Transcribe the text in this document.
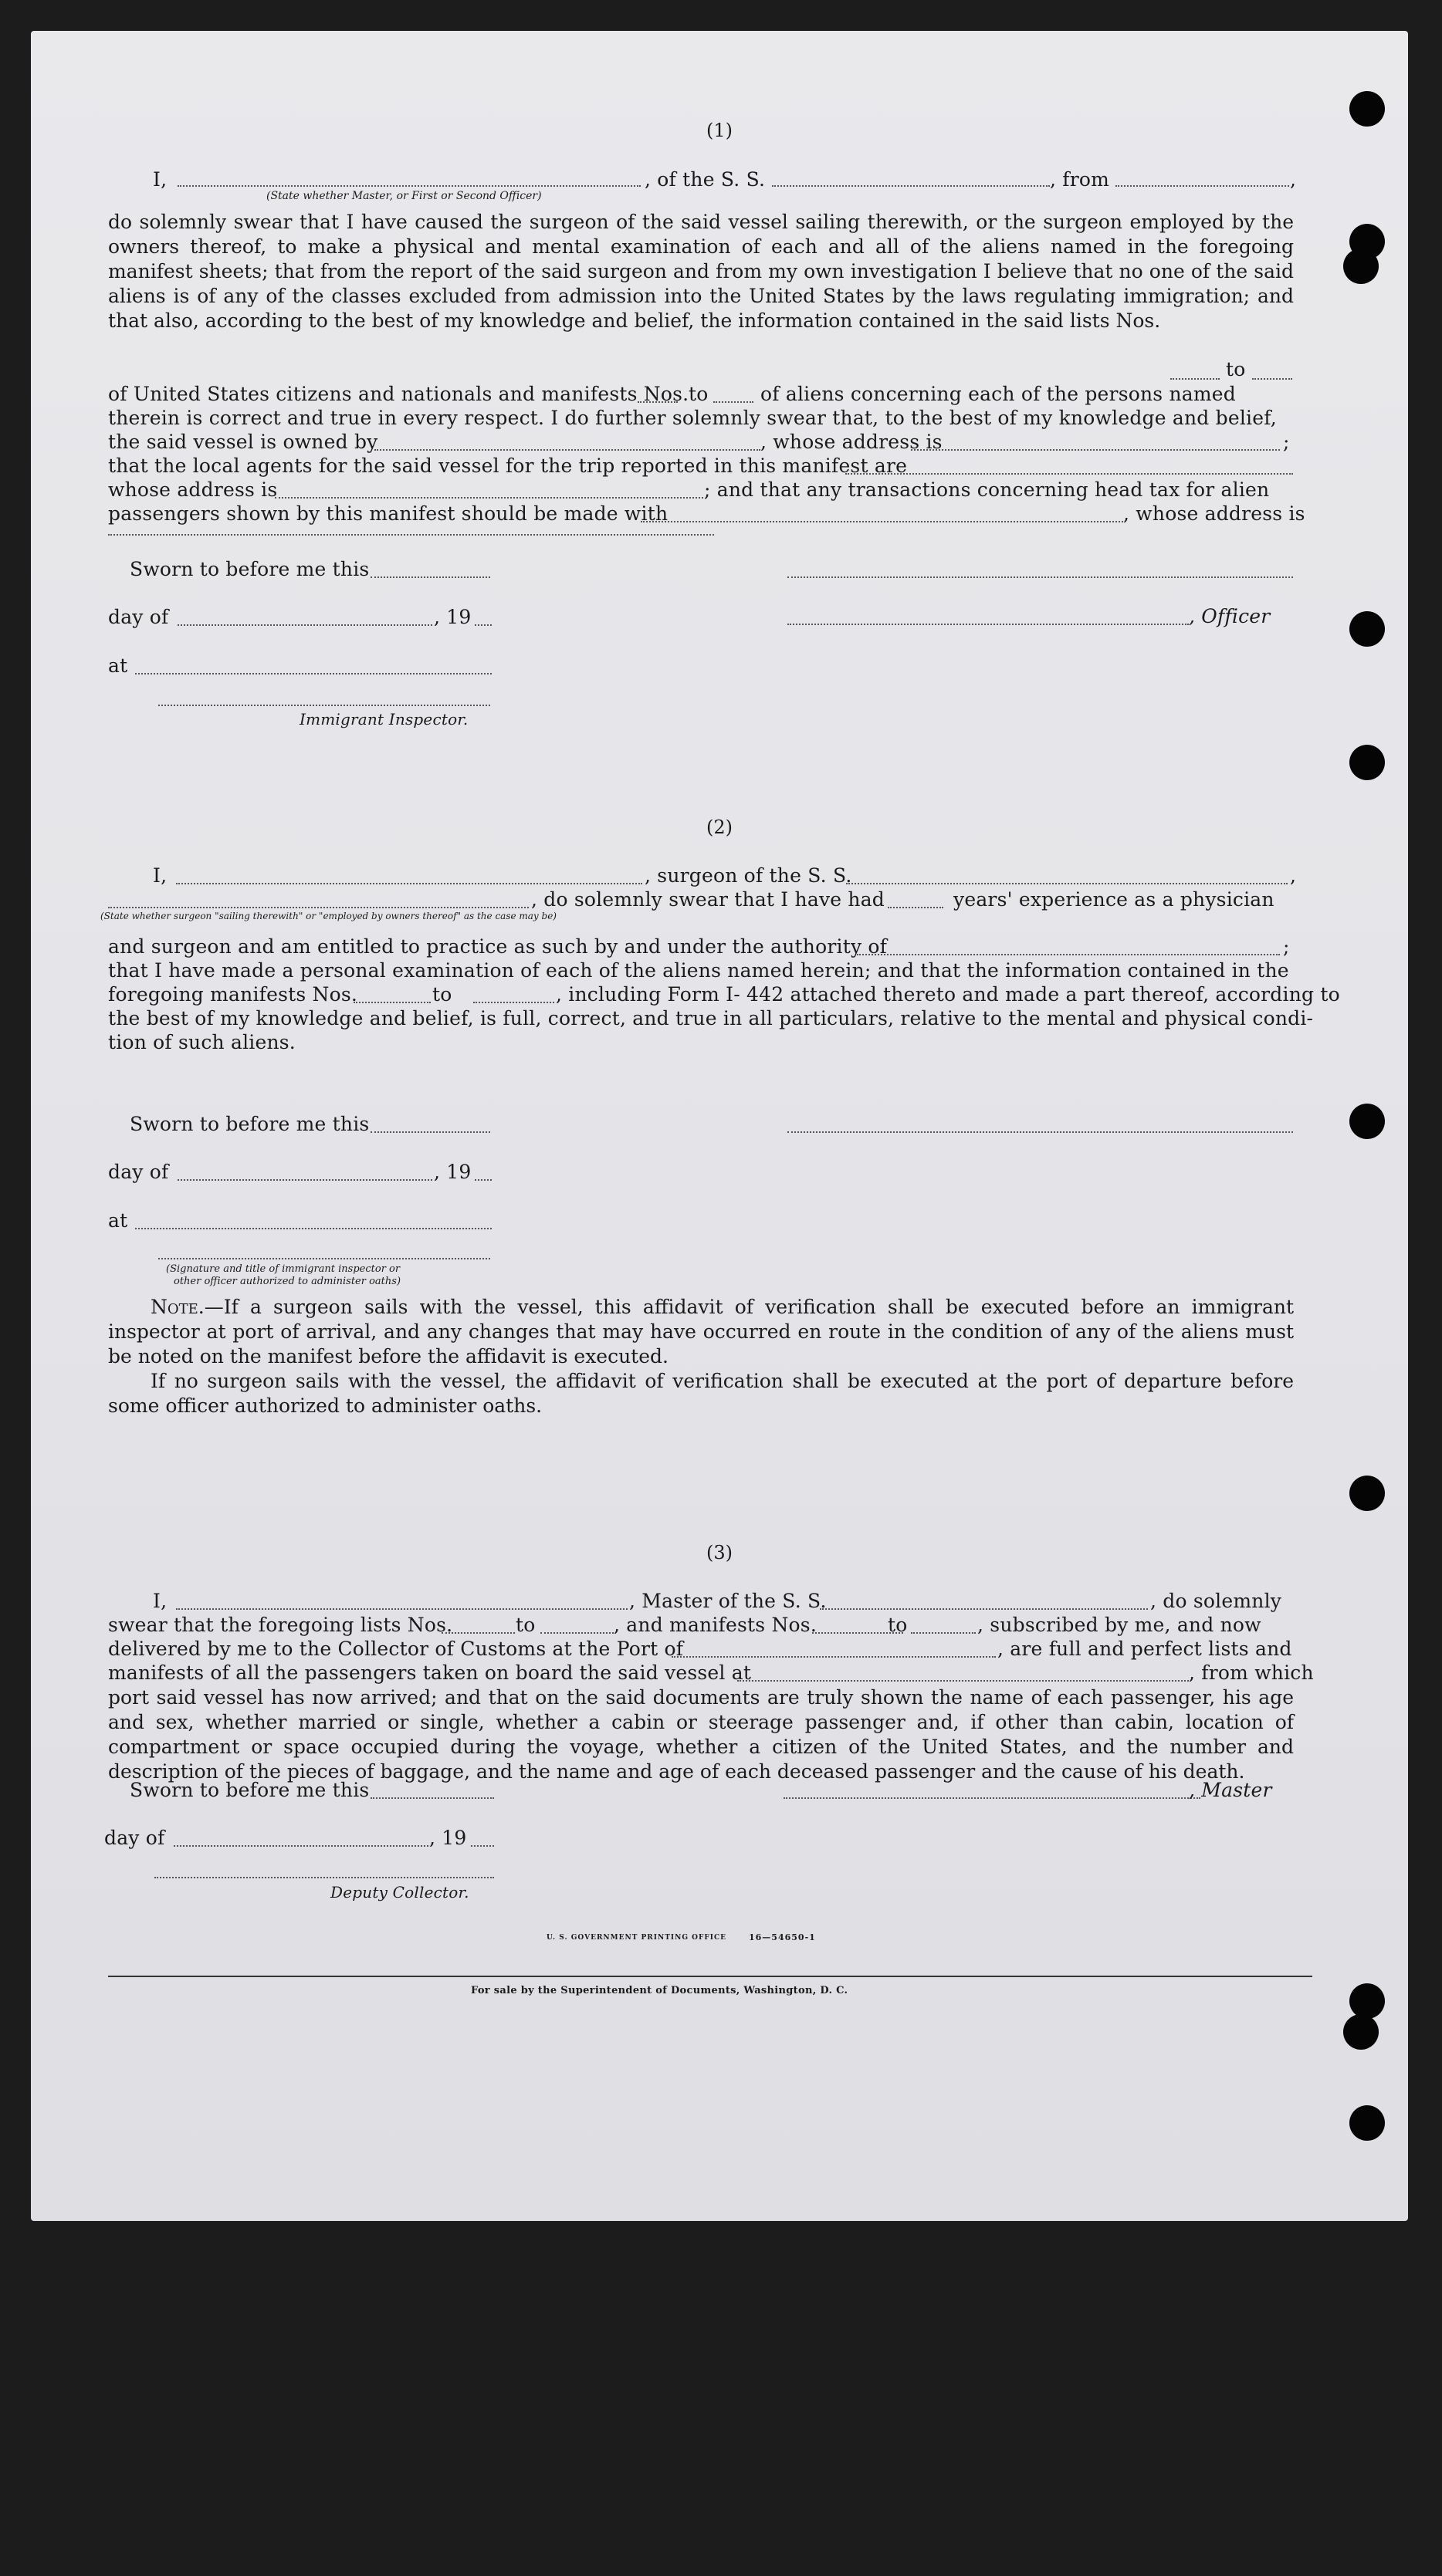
(1)
I,	, of the S. S.	, from	,
(State whether Master, or First or Second Officer)
do solemnly swear that I have caused the surgeon of the said vessel sailing therewith, or the surgeon employed by the owners thereof, to make a physical and mental examination of each and all of the aliens named in the foregoing manifest sheets; that from the report of the said surgeon and from my own investigation I believe that no one of the said aliens is of any of the classes excluded from admission into the United States by the laws regulating immigration; and that also, according to the best of my knowledge and belief, the information contained in the said lists Nos.
to
of United States citizens and nationals and manifests Nos. to	of aliens concerning each of the persons named
therein is correct and true in every respect. I do further solemnly swear that, to the best of my knowledge and belief,
the said vessel is owned by	, whose address is	;
that the local agents for the said vessel for the trip reported in this manifest are
whose address is	; and that any transactions concerning head tax for alien
passengers shown by this manifest should be made with	, whose address is
Sworn to before me this
day of	, 19	, Officer
at
Immigrant Inspector.
(2)
I,	, surgeon of the S. S.	,
, do solemnly swear that I have had	years' experience as a physician
(State whether surgeon "sailing therewith" or "employed by owners thereof" as the case may be)
and surgeon and am entitled to practice as such by and under the authority of	;
that I have made a personal examination of each of the aliens named herein; and that the information contained in the
foregoing manifests Nos.	to	, including Form I- 442 attached thereto and made a part thereof, according to
the best of my knowledge and belief, is full, correct, and true in all particulars, relative to the mental and physical condi-
tion of such aliens.
Sworn to before me this
day of	, 19
at
(Signature and title of immigrant inspector or
other officer authorized to administer oaths)
Note.—If a surgeon sails with the vessel, this affidavit of verification shall be executed before an immigrant inspector at port of arrival, and any changes that may have occurred en route in the condition of any of the aliens must be noted on the manifest before the affidavit is executed.
If no surgeon sails with the vessel, the affidavit of verification shall be executed at the port of departure before some officer authorized to administer oaths.
(3)
I,	, Master of the S. S.	, do solemnly
swear that the foregoing lists Nos.	to	, and manifests Nos.	to	, subscribed by me, and now
delivered by me to the Collector of Customs at the Port of	, are full and perfect lists and
manifests of all the passengers taken on board the said vessel at	, from which
port said vessel has now arrived; and that on the said documents are truly shown the name of each passenger, his age and sex, whether married or single, whether a cabin or steerage passenger and, if other than cabin, location of compartment or space occupied during the voyage, whether a citizen of the United States, and the number and description of the pieces of baggage, and the name and age of each deceased passenger and the cause of his death.
Sworn to before me this	, Master
day of	, 19
Deputy Collector.
U. S. GOVERNMENT PRINTING OFFICE	16—54650-1
For sale by the Superintendent of Documents, Washington, D. C.
